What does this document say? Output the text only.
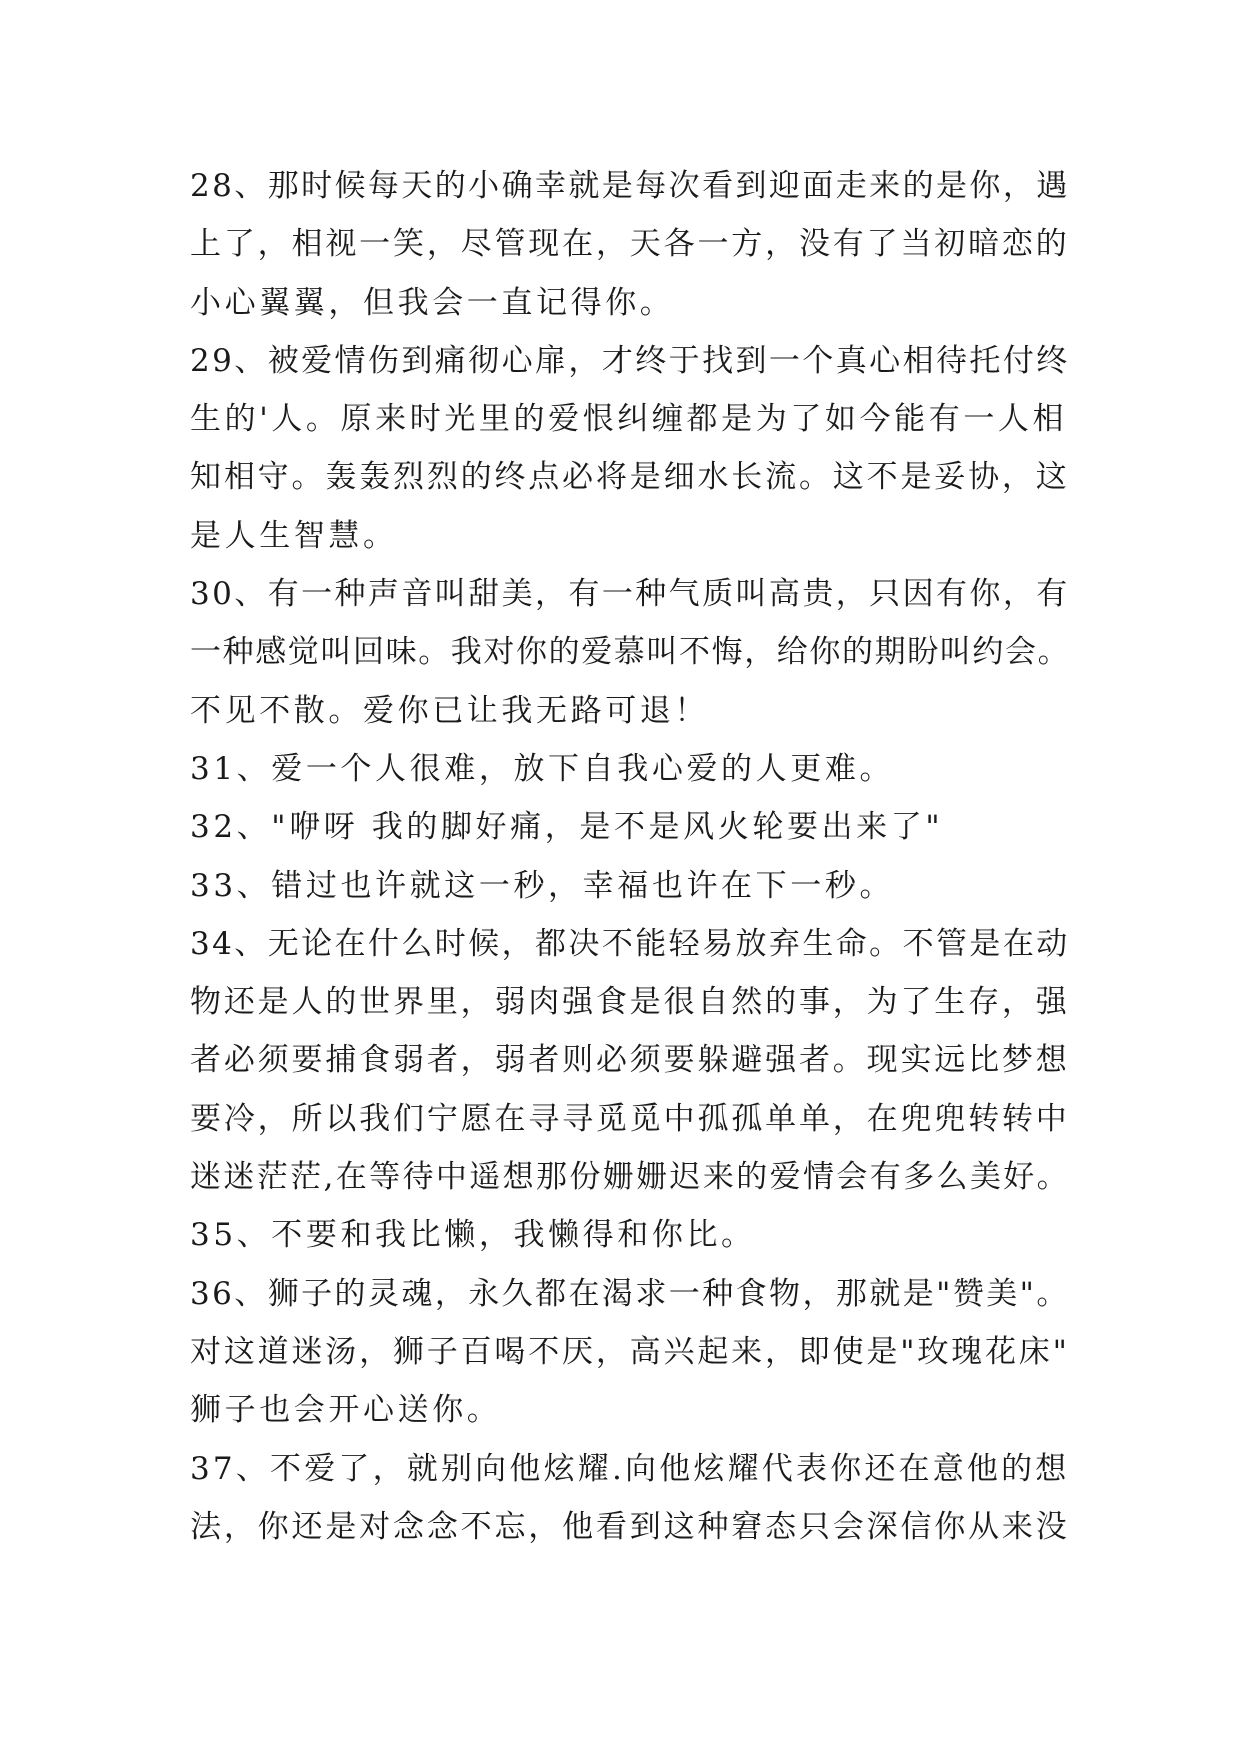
28、那时候每天的小确幸就是每次看到迎面走来的是你，遇
上了，相视一笑，尽管现在，天各一方，没有了当初暗恋的
小心翼翼，但我会一直记得你。
29、被爱情伤到痛彻心扉，才终于找到一个真心相待托付终
生的'人。原来时光里的爱恨纠缠都是为了如今能有一人相
知相守。轰轰烈烈的终点必将是细水长流。这不是妥协，这
是人生智慧。
30、有一种声音叫甜美，有一种气质叫高贵，只因有你，有
一种感觉叫回味。我对你的爱慕叫不悔，给你的期盼叫约会。
不见不散。爱你已让我无路可退！
31、爱一个人很难，放下自我心爱的人更难。
32、"咿呀 我的脚好痛，是不是风火轮要出来了"
33、错过也许就这一秒，幸福也许在下一秒。
34、无论在什么时候，都决不能轻易放弃生命。不管是在动
物还是人的世界里，弱肉强食是很自然的事，为了生存，强
者必须要捕食弱者，弱者则必须要躲避强者。现实远比梦想
要冷，所以我们宁愿在寻寻觅觅中孤孤单单，在兜兜转转中
迷迷茫茫,在等待中遥想那份姗姗迟来的爱情会有多么美好。
35、不要和我比懒，我懒得和你比。
36、狮子的灵魂，永久都在渴求一种食物，那就是"赞美"。
对这道迷汤，狮子百喝不厌，高兴起来，即使是"玫瑰花床"
狮子也会开心送你。
37、不爱了，就别向他炫耀.向他炫耀代表你还在意他的想
法，你还是对念念不忘，他看到这种窘态只会深信你从来没
